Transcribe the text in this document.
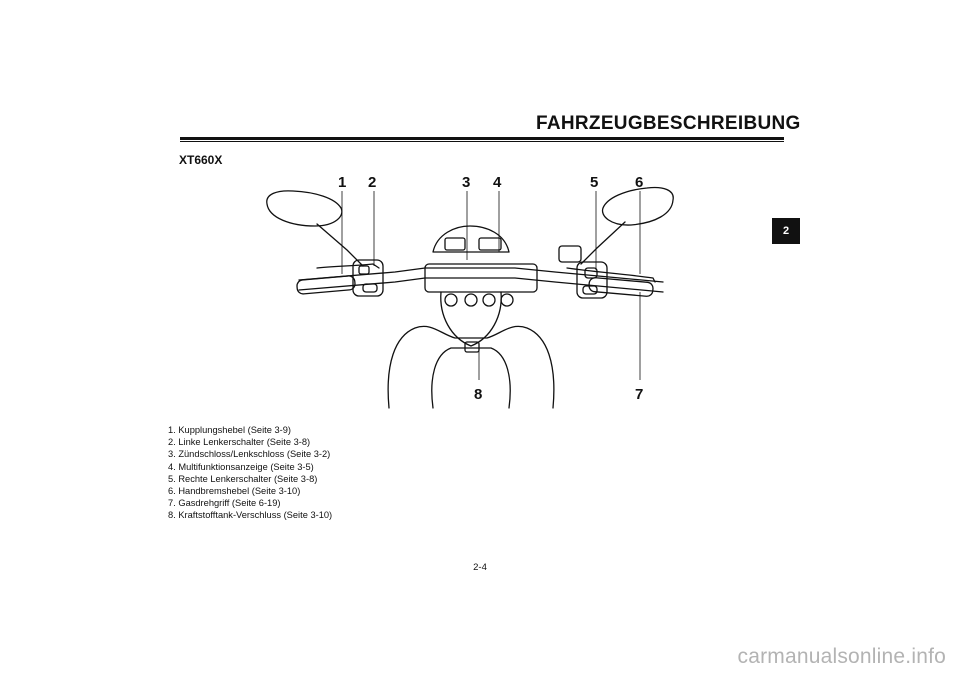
FAHRZEUGBESCHREIBUNG
2
XT660X
1 2	3 4	5 6
7
8
1. Kupplungshebel (Seite 3-9)
2. Linke Lenkerschalter (Seite 3-8)
3. Zündschloss/Lenkschloss (Seite 3-2)
4. Multifunktionsanzeige (Seite 3-5)
5. Rechte Lenkerschalter (Seite 3-8)
6. Handbremshebel (Seite 3-10)
7. Gasdrehgriff (Seite 6-19)
8. Kraftstofftank-Verschluss (Seite 3-10)
2-4
carmanualsonline.info
